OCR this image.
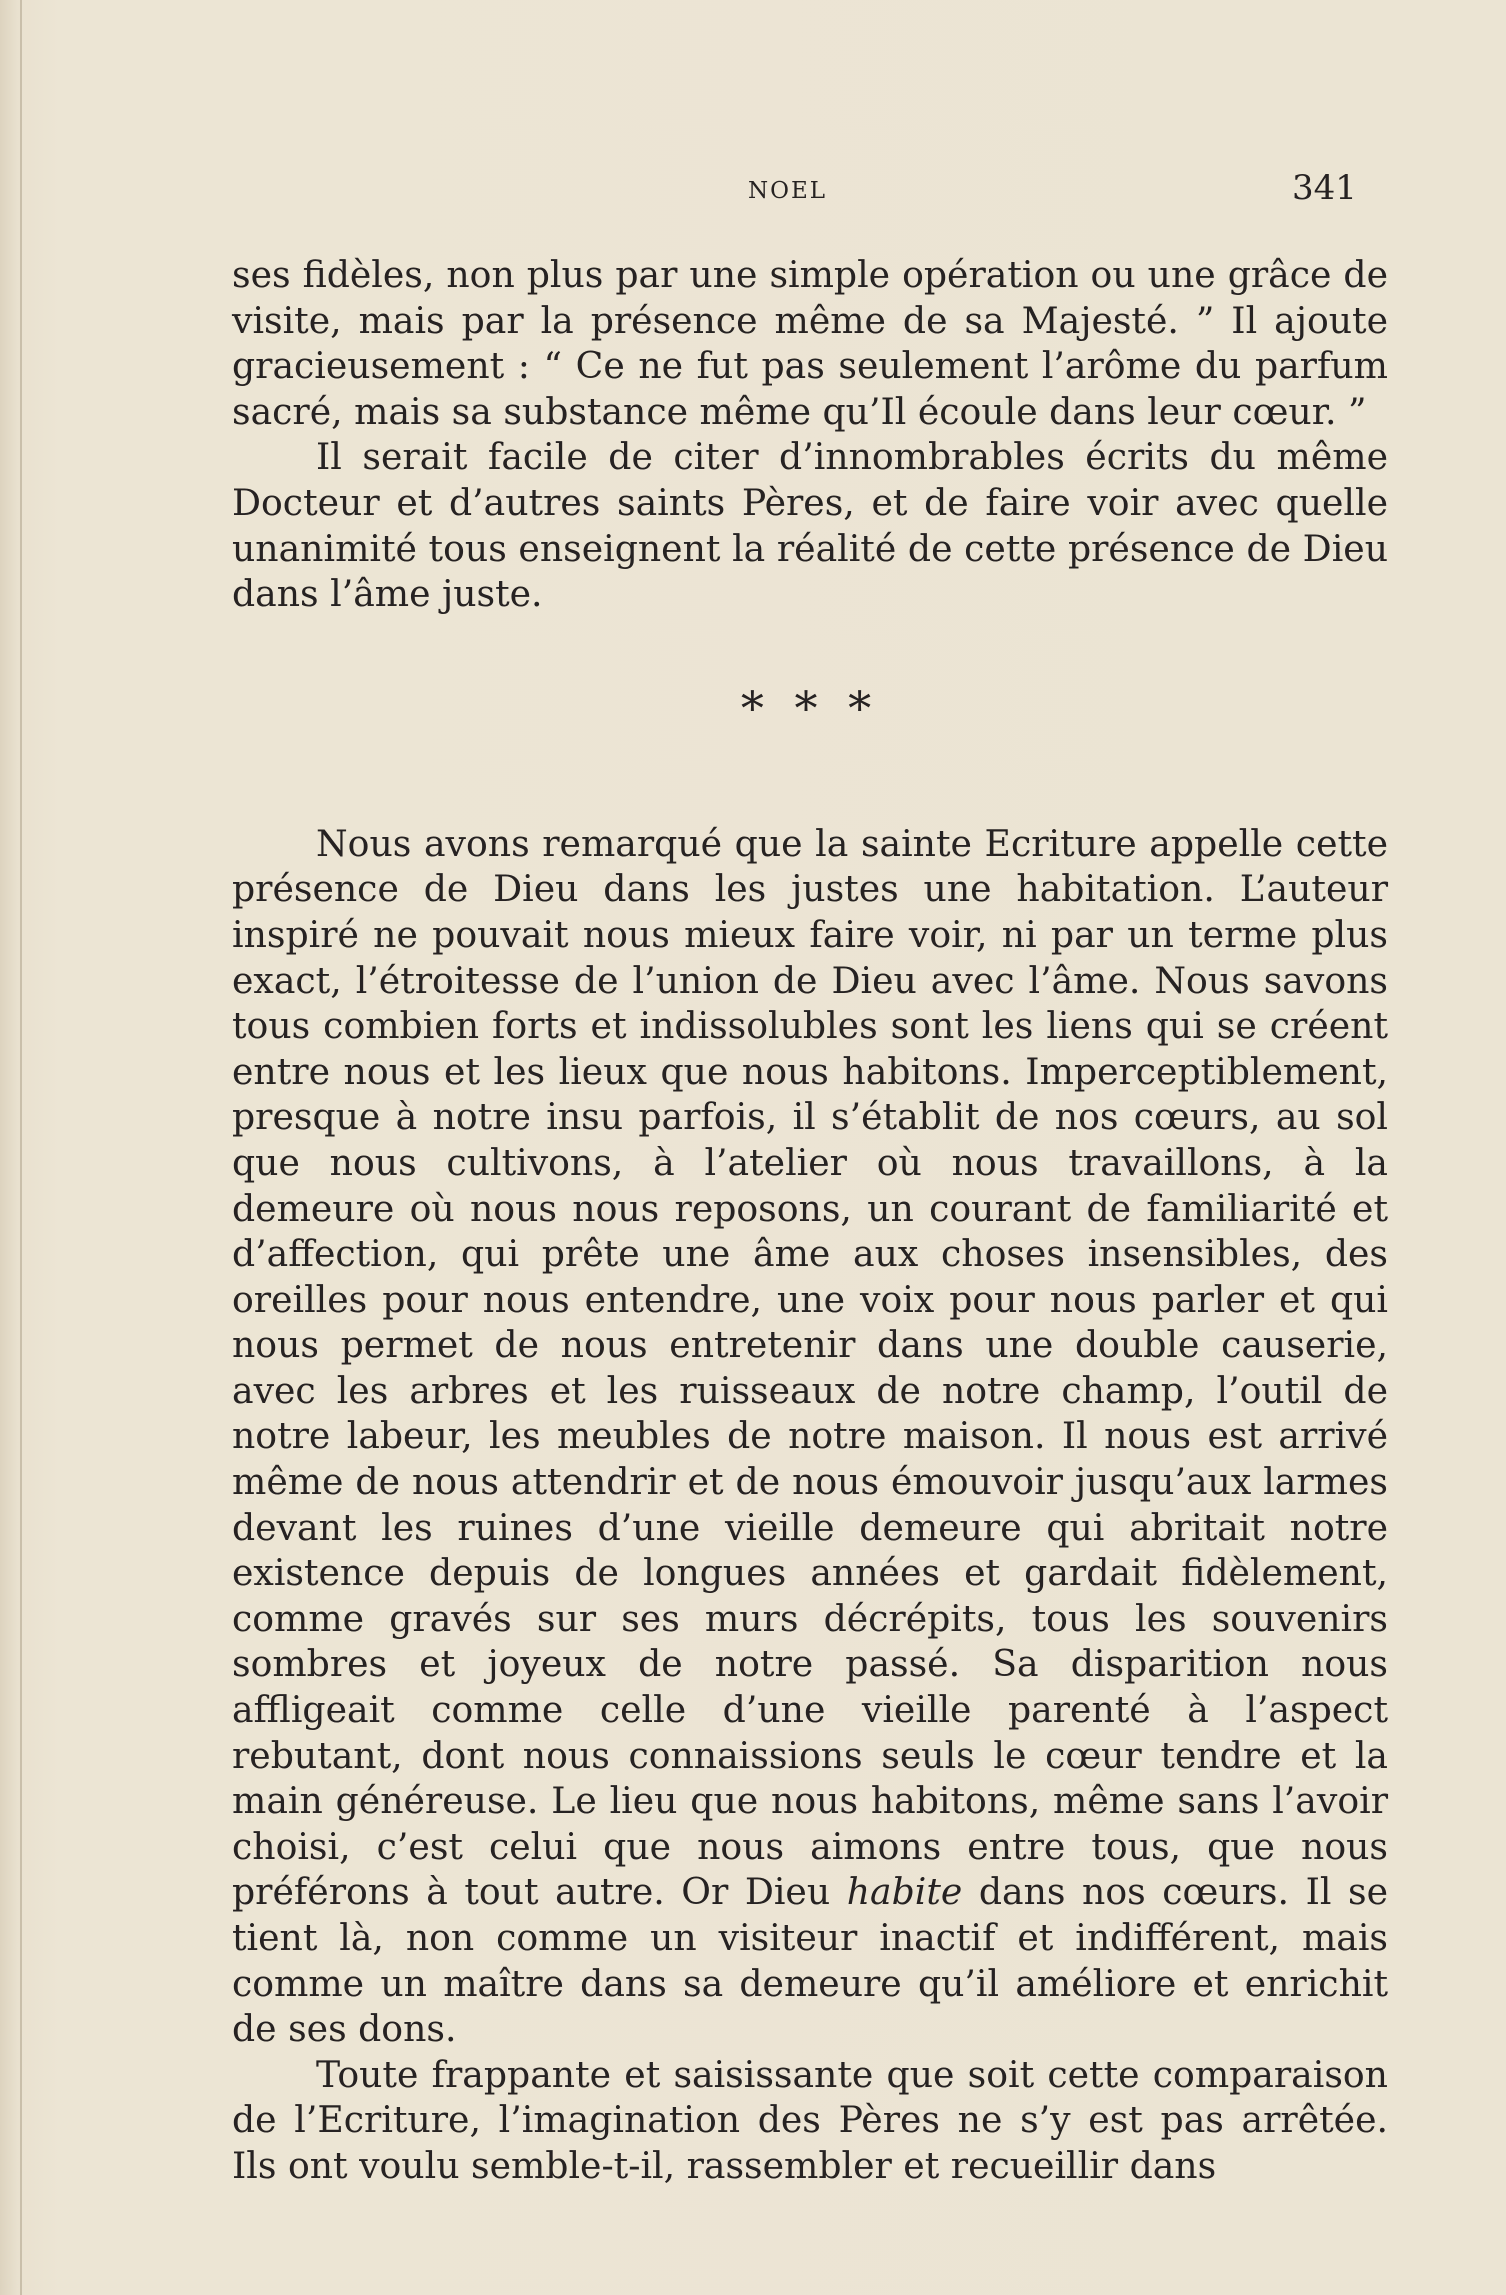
NOEL	341

ses fidèles, non plus par une simple opération ou une grâce de visite, mais par la présence même de sa Majesté. ” Il ajoute gracieusement : “ Ce ne fut pas seulement l’arôme du parfum sacré, mais sa substance même qu’Il écoule dans leur cœur. ”

Il serait facile de citer d’innombrables écrits du même Docteur et d’autres saints Pères, et de faire voir avec quelle unanimité tous enseignent la réalité de cette présence de Dieu dans l’âme juste.

* * *

Nous avons remarqué que la sainte Ecriture appelle cette présence de Dieu dans les justes une habitation. L’auteur inspiré ne pouvait nous mieux faire voir, ni par un terme plus exact, l’étroitesse de l’union de Dieu avec l’âme. Nous savons tous combien forts et indissolubles sont les liens qui se créent entre nous et les lieux que nous habitons. Imperceptiblement, presque à notre insu parfois, il s’établit de nos cœurs, au sol que nous cultivons, à l’atelier où nous travaillons, à la demeure où nous nous reposons, un courant de familiarité et d’affection, qui prête une âme aux choses insensibles, des oreilles pour nous entendre, une voix pour nous parler et qui nous permet de nous entretenir dans une double causerie, avec les arbres et les ruisseaux de notre champ, l’outil de notre labeur, les meubles de notre maison. Il nous est arrivé même de nous attendrir et de nous émouvoir jusqu’aux larmes devant les ruines d’une vieille demeure qui abritait notre existence depuis de longues années et gardait fidèlement, comme gravés sur ses murs décrépits, tous les souvenirs sombres et joyeux de notre passé. Sa disparition nous affligeait comme celle d’une vieille parenté à l’aspect rebutant, dont nous connaissions seuls le cœur tendre et la main généreuse. Le lieu que nous habitons, même sans l’avoir choisi, c’est celui que nous aimons entre tous, que nous préférons à tout autre. Or Dieu habite dans nos cœurs. Il se tient là, non comme un visiteur inactif et indifférent, mais comme un maître dans sa demeure qu’il améliore et enrichit de ses dons.

Toute frappante et saisissante que soit cette comparaison de l’Ecriture, l’imagination des Pères ne s’y est pas arrêtée. Ils ont voulu semble-t-il, rassembler et recueillir dans
